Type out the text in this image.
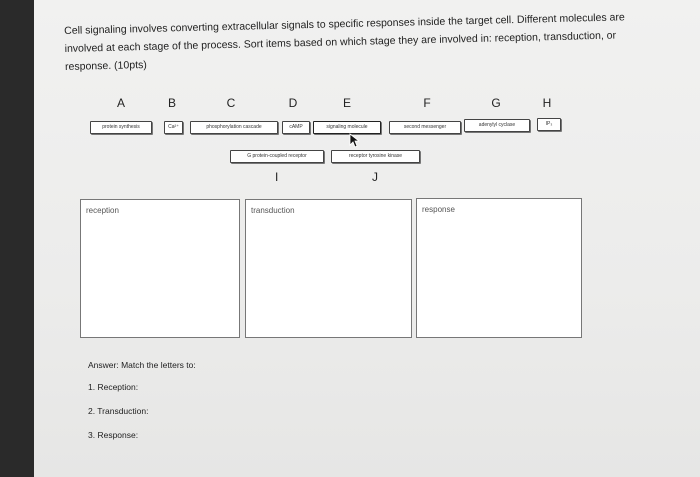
Cell signaling involves converting extracellular signals to specific responses inside the target cell. Different molecules are
involved at each stage of the process. Sort items based on which stage they are involved in: reception, transduction, or
response. (10pts)
A	B	C	D	E	F	G	H
protein synthesis	Ca²⁺	phosphorylation cascade	cAMP	signaling molecule	second messenger	adenylyl cyclase	IP₃
G protein-coupled receptor	receptor tyrosine kinase
I	J
reception	transduction	response
Answer: Match the letters to:
1. Reception:
2. Transduction:
3. Response:
